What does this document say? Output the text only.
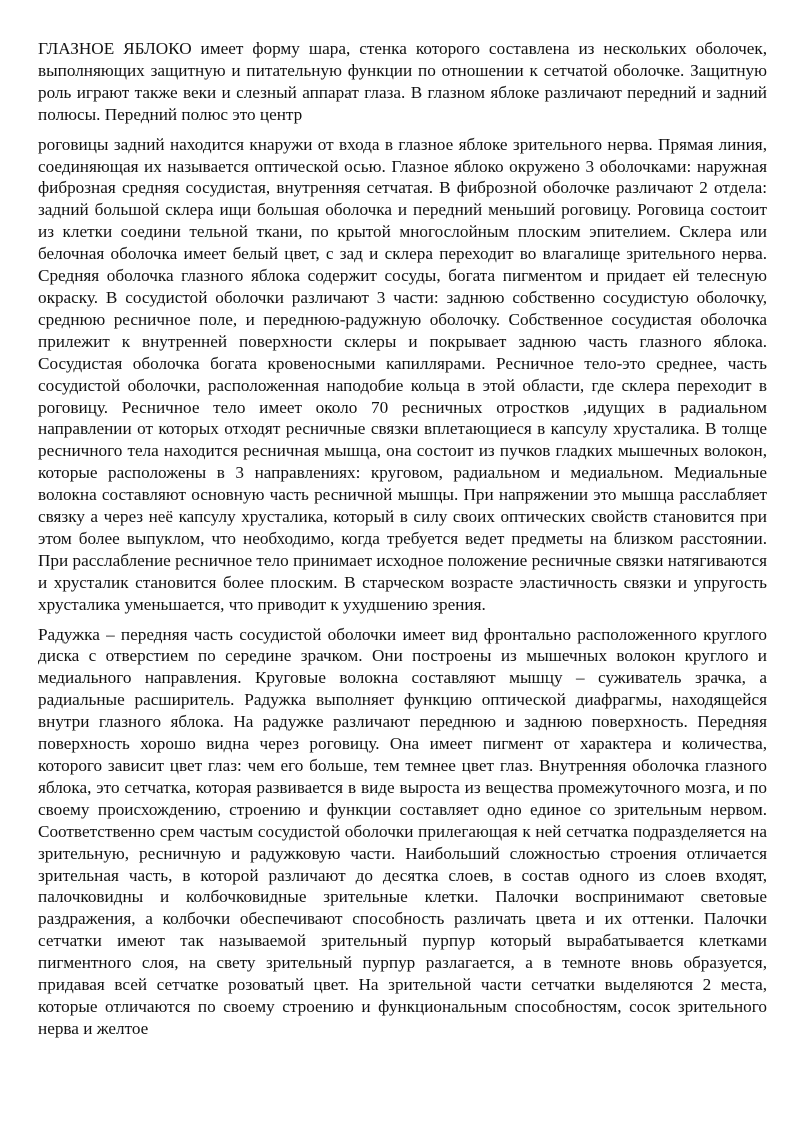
ГЛАЗНОЕ ЯБЛОКО имеет форму шара, стенка которого составлена из нескольких оболочек, выполняющих защитную и питательную функции по отношении к сетчатой оболочке. Защитную роль играют также веки и слезный аппарат глаза. В глазном яблоке различают передний и задний полюсы. Передний полюс это центр

роговицы задний находится кнаружи от входа в глазное яблоке зрительного нерва. Прямая линия, соединяющая их называется оптической осью. Глазное яблоко окружено 3 оболочками: наружная фиброзная средняя сосудистая, внутренняя сетчатая. В фиброзной оболочке различают 2 отдела: задний большой склера ищи большая оболочка и передний меньший роговицу. Роговица состоит из клетки соедини тельной ткани, по крытой многослойным плоским эпителием. Склера или белочная оболочка имеет белый цвет, с зад и склера переходит во влагалище зрительного нерва. Средняя оболочка глазного яблока содержит сосуды, богата пигментом и придает ей телесную окраску. В сосудистой оболочки различают 3 части: заднюю собственно сосудистую оболочку, среднюю ресничное поле, и переднюю-радужную оболочку. Собственное сосудистая оболочка прилежит к внутренней поверхности склеры и покрывает заднюю часть глазного яблока. Сосудистая оболочка богата кровеносными капиллярами. Ресничное тело-это среднее, часть сосудистой оболочки, расположенная наподобие кольца в этой области, где склера переходит в роговицу. Ресничное тело имеет около 70 ресничных отростков ,идущих в радиальном направлении от которых отходят ресничные связки вплетающиеся в капсулу хрусталика. В толще ресничного тела находится ресничная мышца, она состоит из пучков гладких мышечных волокон, которые расположены в 3 направлениях: круговом, радиальном и медиальном. Медиальные волокна составляют основную часть ресничной мышцы. При напряжении это мышца расслабляет связку а через неё капсулу хрусталика, который в силу своих оптических свойств становится при этом более выпуклом, что необходимо, когда требуется ведет предметы на близком расстоянии. При расслабление ресничное тело принимает исходное положение ресничные связки натягиваются и хрусталик становится более плоским. В старческом возрасте эластичность связки и упругость хрусталика уменьшается, что приводит к ухудшению зрения.

Радужка – передняя часть сосудистой оболочки имеет вид фронтально расположенного круглого диска с отверстием по середине зрачком. Они построены из мышечных волокон круглого и медиального направления. Круговые волокна составляют мышцу – суживатель зрачка, а радиальные расширитель. Радужка выполняет функцию оптической диафрагмы, находящейся внутри глазного яблока. На радужке различают переднюю и заднюю поверхность. Передняя поверхность хорошо видна через роговицу. Она имеет пигмент от характера и количества, которого зависит цвет глаз: чем его больше, тем темнее цвет глаз. Внутренняя оболочка глазного яблока, это сетчатка, которая развивается в виде выроста из вещества промежуточного мозга, и по своему происхождению, строению и функции составляет одно единое со зрительным нервом. Соответственно срем частым сосудистой оболочки прилегающая к ней сетчатка подразделяется на зрительную, ресничную и радужковую части. Наибольший сложностью строения отличается зрительная часть, в которой различают до десятка слоев, в состав одного из слоев входят, палочковидны и колбочковидные зрительные клетки. Палочки воспринимают световые раздражения, а колбочки обеспечивают способность различать цвета и их оттенки. Палочки сетчатки имеют так называемой зрительный пурпур который вырабатывается клетками пигментного слоя, на свету зрительный пурпур разлагается, а в темноте вновь образуется, придавая всей сетчатке розоватый цвет. На зрительной части сетчатки выделяются 2 места, которые отличаются по своему строению и функциональным способностям, сосок зрительного нерва и желтое
